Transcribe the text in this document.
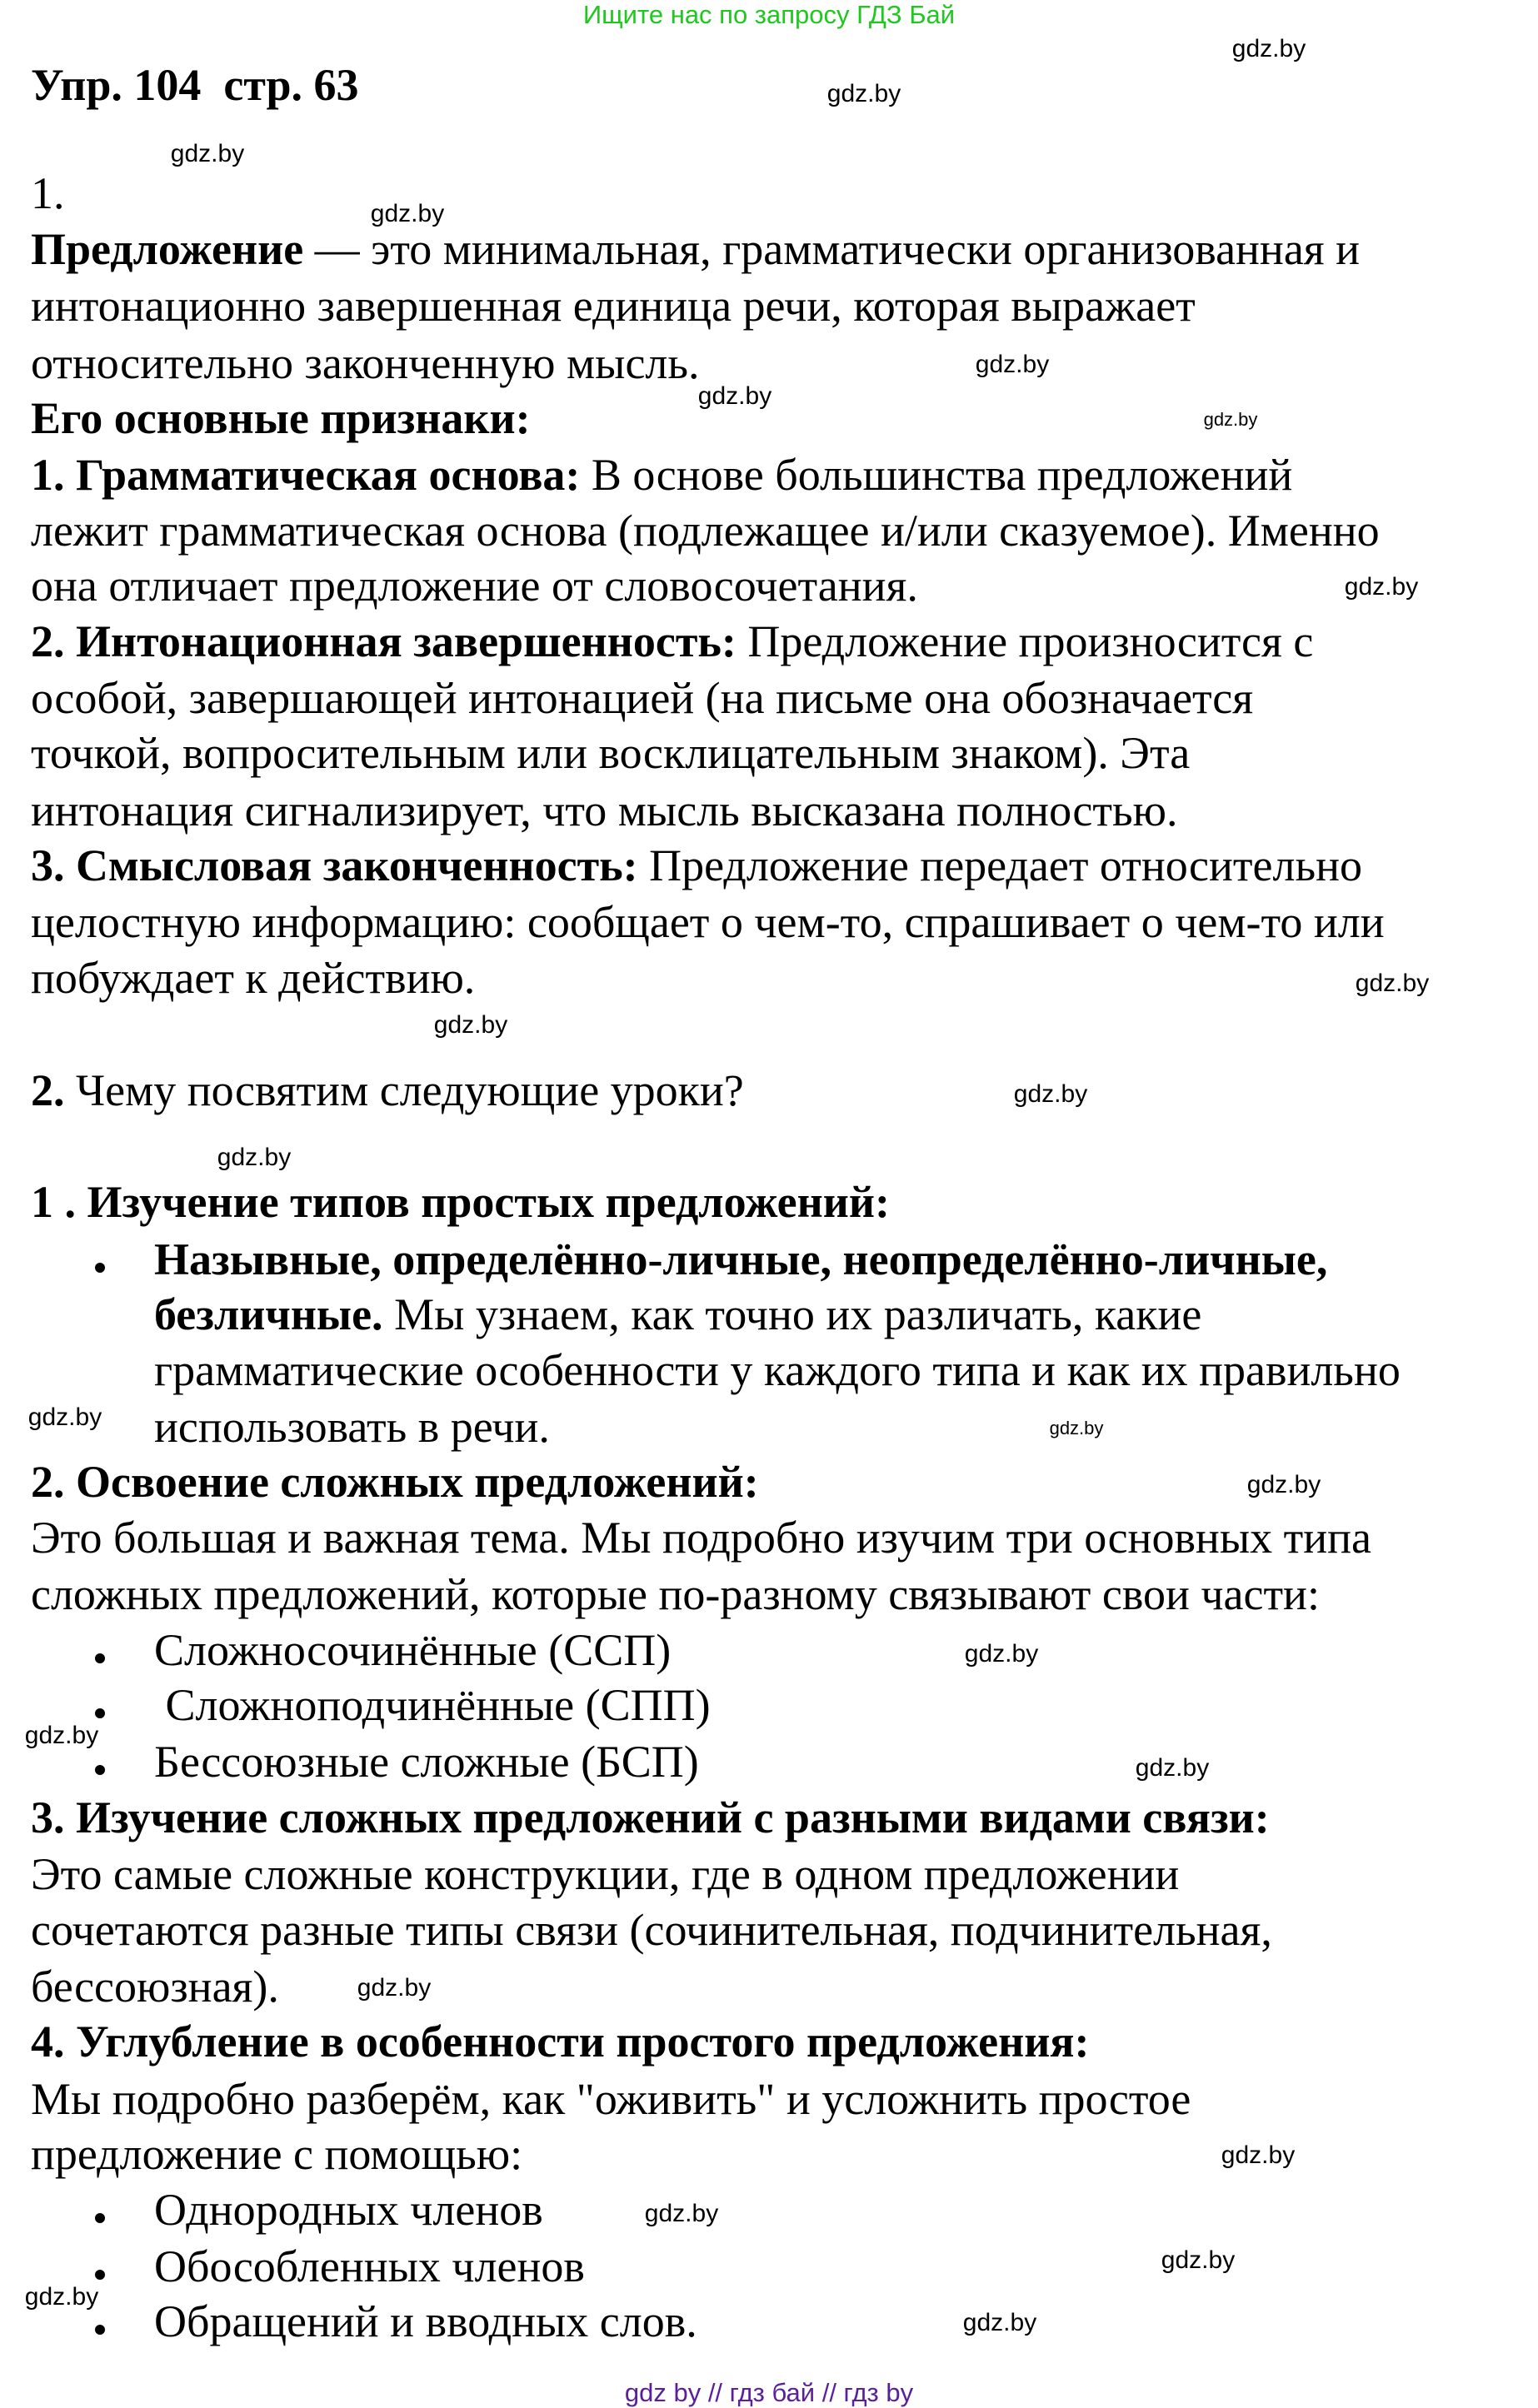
Ищите нас по запросу ГДЗ Бай
Упр. 104  стр. 63
1.
Предложение — это минимальная, грамматически организованная и
интонационно завершенная единица речи, которая выражает
относительно законченную мысль.
Его основные признаки:
1. Грамматическая основа: В основе большинства предложений
лежит грамматическая основа (подлежащее и/или сказуемое). Именно
она отличает предложение от словосочетания.
2. Интонационная завершенность: Предложение произносится с
особой, завершающей интонацией (на письме она обозначается
точкой, вопросительным или восклицательным знаком). Эта
интонация сигнализирует, что мысль высказана полностью.
3. Смысловая законченность: Предложение передает относительно
целостную информацию: сообщает о чем-то, спрашивает о чем-то или
побуждает к действию.
2. Чему посвятим следующие уроки?
1 . Изучение типов простых предложений:
Назывные, определённо-личные, неопределённо-личные,
безличные. Мы узнаем, как точно их различать, какие
грамматические особенности у каждого типа и как их правильно
использовать в речи.
2. Освоение сложных предложений:
Это большая и важная тема. Мы подробно изучим три основных типа
сложных предложений, которые по-разному связывают свои части:
Сложносочинённые (ССП)
Сложноподчинённые (СПП)
Бессоюзные сложные (БСП)
3. Изучение сложных предложений с разными видами связи:
Это самые сложные конструкции, где в одном предложении
сочетаются разные типы связи (сочинительная, подчинительная,
бессоюзная).
4. Углубление в особенности простого предложения:
Мы подробно разберём, как "оживить" и усложнить простое
предложение с помощью:
Однородных членов
Обособленных членов
Обращений и вводных слов.
gdz.by
gdz.by
gdz.by
gdz.by
gdz.by
gdz.by
gdz.by
gdz.by
gdz.by
gdz.by
gdz.by
gdz.by
gdz.by
gdz.by
gdz.by
gdz.by
gdz.by
gdz.by
gdz.by
gdz.by
gdz.by
gdz.by
gdz.by
gdz.by
gdz by // гдз бай // гдз by
